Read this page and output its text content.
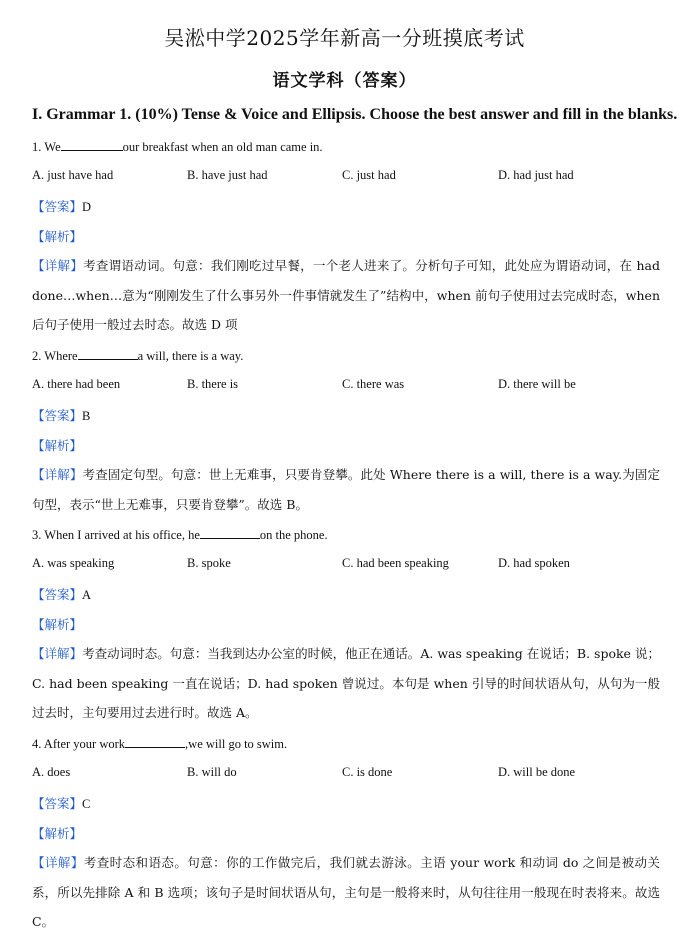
吴淞中学2025学年新高一分班摸底考试
语文学科（答案）
I. Grammar 1. (10%) Tense & Voice and Ellipsis. Choose the best answer and fill in the blanks.
1. We	our breakfast when an old man came in.
A. just have had	B. have just had	C. just had	D. had just had
【答案】D
【解析】
【详解】考查谓语动词。句意：我们刚吃过早餐，一个老人进来了。分析句子可知，此处应为谓语动词，在 had done…when…意为“刚刚发生了什么事另外一件事情就发生了”结构中，when 前句子使用过去完成时态，when 后句子使用一般过去时态。故选 D 项
2. Where	a will, there is a way.
A. there had been	B. there is	C. there was	D. there will be
【答案】B
【解析】
【详解】考查固定句型。句意：世上无难事，只要肯登攀。此处 Where there is a will, there is a way.为固定句型，表示“世上无难事，只要肯登攀”。故选 B。
3. When I arrived at his office, he	on the phone.
A. was speaking	B. spoke	C. had been speaking	D. had spoken
【答案】A
【解析】
【详解】考查动词时态。句意：当我到达办公室的时候，他正在通话。A. was speaking 在说话；B. spoke 说；C. had been speaking 一直在说话；D. had spoken 曾说过。本句是 when 引导的时间状语从句，从句为一般过去时，主句要用过去进行时。故选 A。
4. After your work	,we will go to swim.
A. does	B. will do	C. is done	D. will be done
【答案】C
【解析】
【详解】考查时态和语态。句意：你的工作做完后，我们就去游泳。主语 your work 和动词 do 之间是被动关系，所以先排除 A 和 B 选项；该句子是时间状语从句，主句是一般将来时，从句往往用一般现在时表将来。故选 C。
